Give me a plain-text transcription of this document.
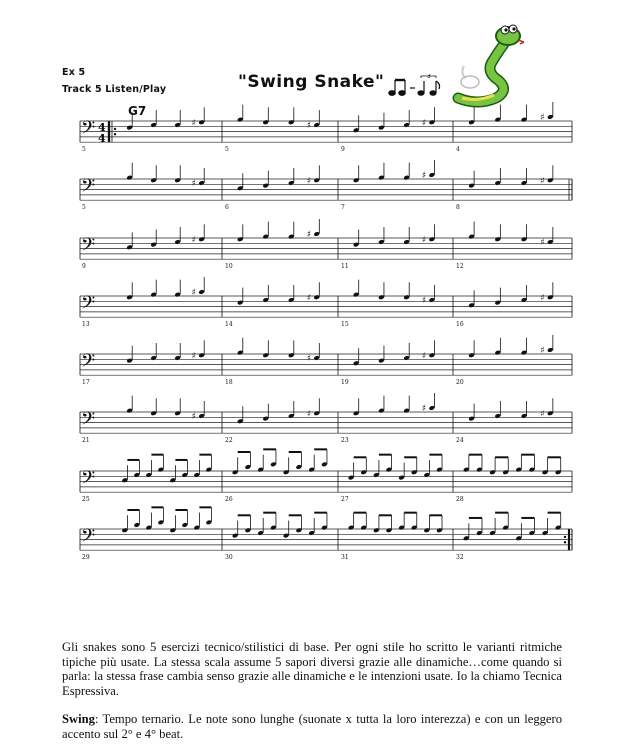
Ex 5
Track 5 Listen/Play	"Swing Snake"
G7
3
𝄢 4
4
5
♯
5
♯
9
♯
4
♯
𝄢
5
♯
6
♯
7
♯
8
♯
𝄢
9
♯
10
♯
11
♯
12
♯
𝄢
13
♯
14
♯
15
♯
16
♯
𝄢
17
♯
18
♯
19
♯
20
♯
𝄢
21
♯
22
♯
23
♯
24
♯
𝄢
25	26	27	28
𝄢
29	30	31	32
Gli snakes sono 5 esercizi tecnico/stilistici di base. Per ogni stile ho scritto le varianti ritmiche tipiche più usate. La stessa scala assume 5 sapori diversi grazie alle dinamiche…come quando si parla: la stessa frase cambia senso grazie alle dinamiche e le intenzioni usate. Io la chiamo Tecnica Espressiva.
Swing: Tempo ternario. Le note sono lunghe (suonate x tutta la loro interezza) e con un leggero accento sul 2° e 4° beat.
